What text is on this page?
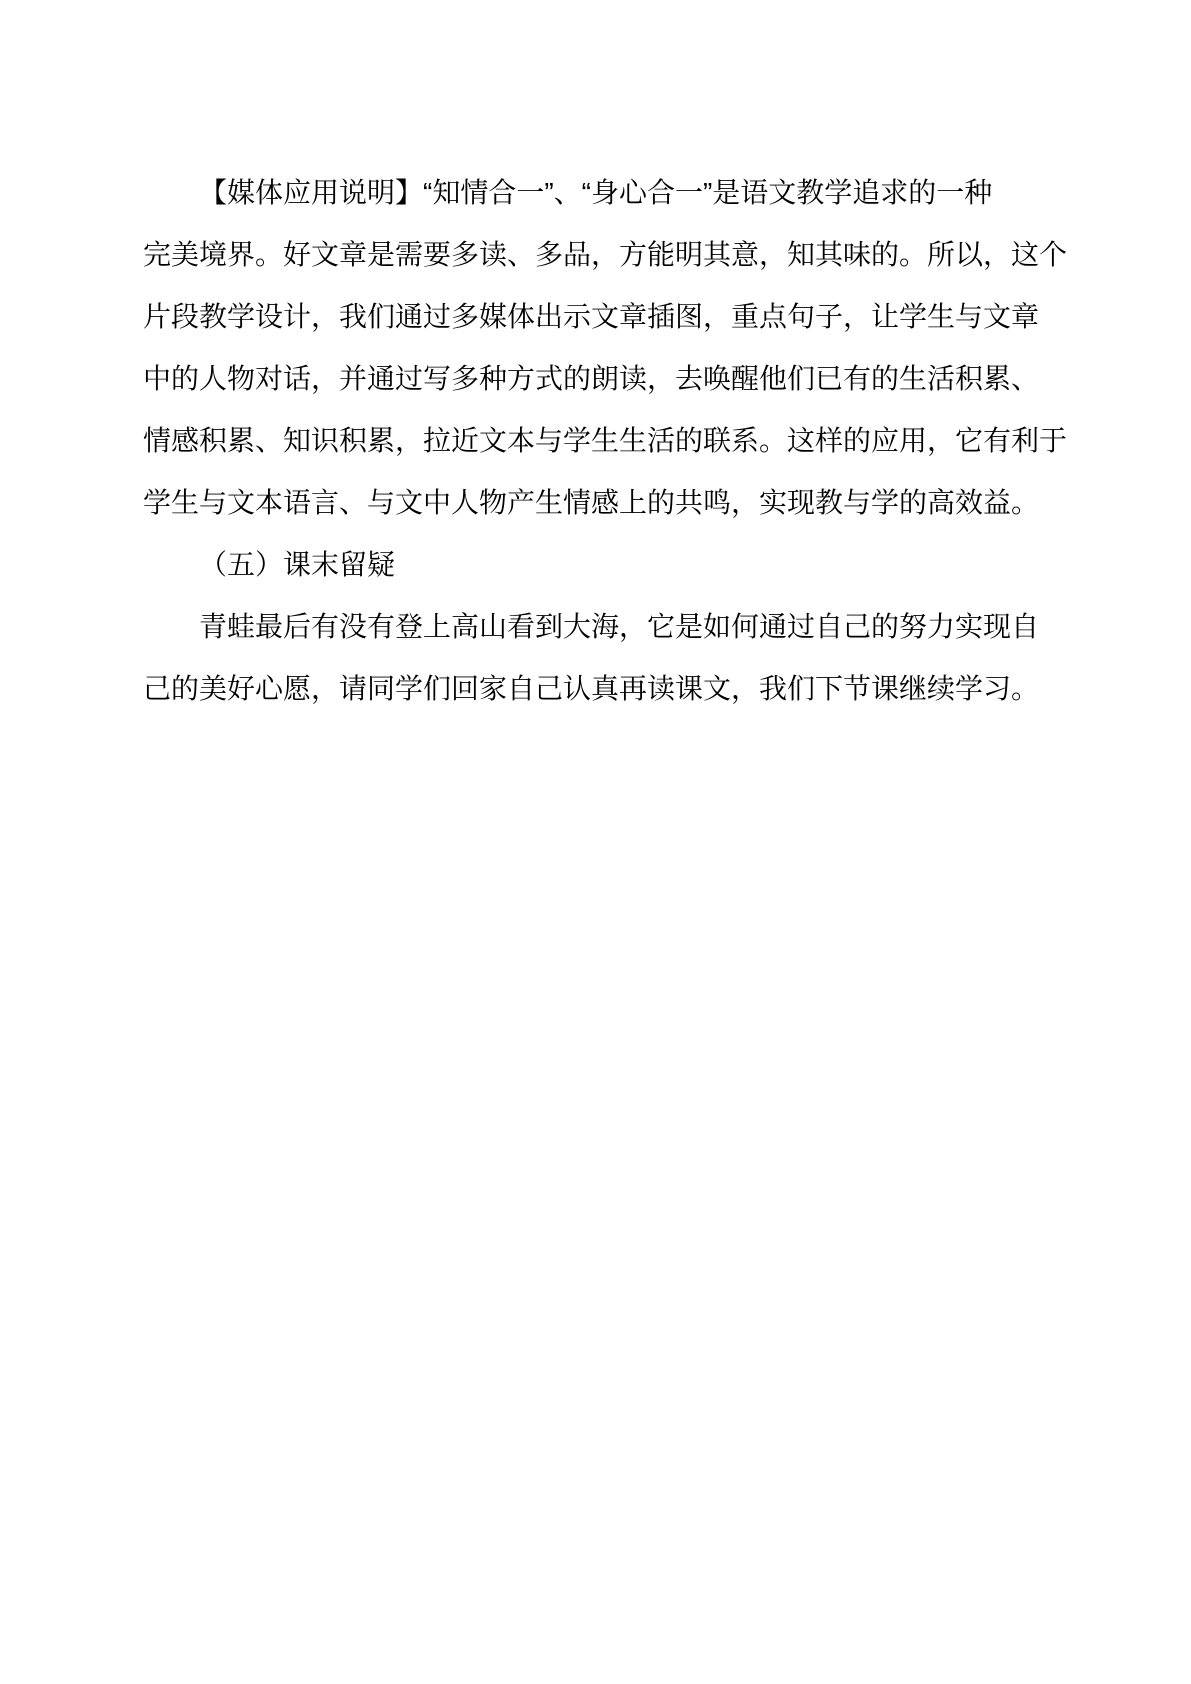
【媒体应用说明】“知情合一”、“身心合一”是语文教学追求的一种
完美境界。好文章是需要多读、多品，方能明其意，知其味的。所以，这个
片段教学设计，我们通过多媒体出示文章插图，重点句子，让学生与文章
中的人物对话，并通过写多种方式的朗读，去唤醒他们已有的生活积累、
情感积累、知识积累，拉近文本与学生生活的联系。这样的应用，它有利于
学生与文本语言、与文中人物产生情感上的共鸣，实现教与学的高效益。
（五）课末留疑
青蛙最后有没有登上高山看到大海，它是如何通过自己的努力实现自
己的美好心愿，请同学们回家自己认真再读课文，我们下节课继续学习。
